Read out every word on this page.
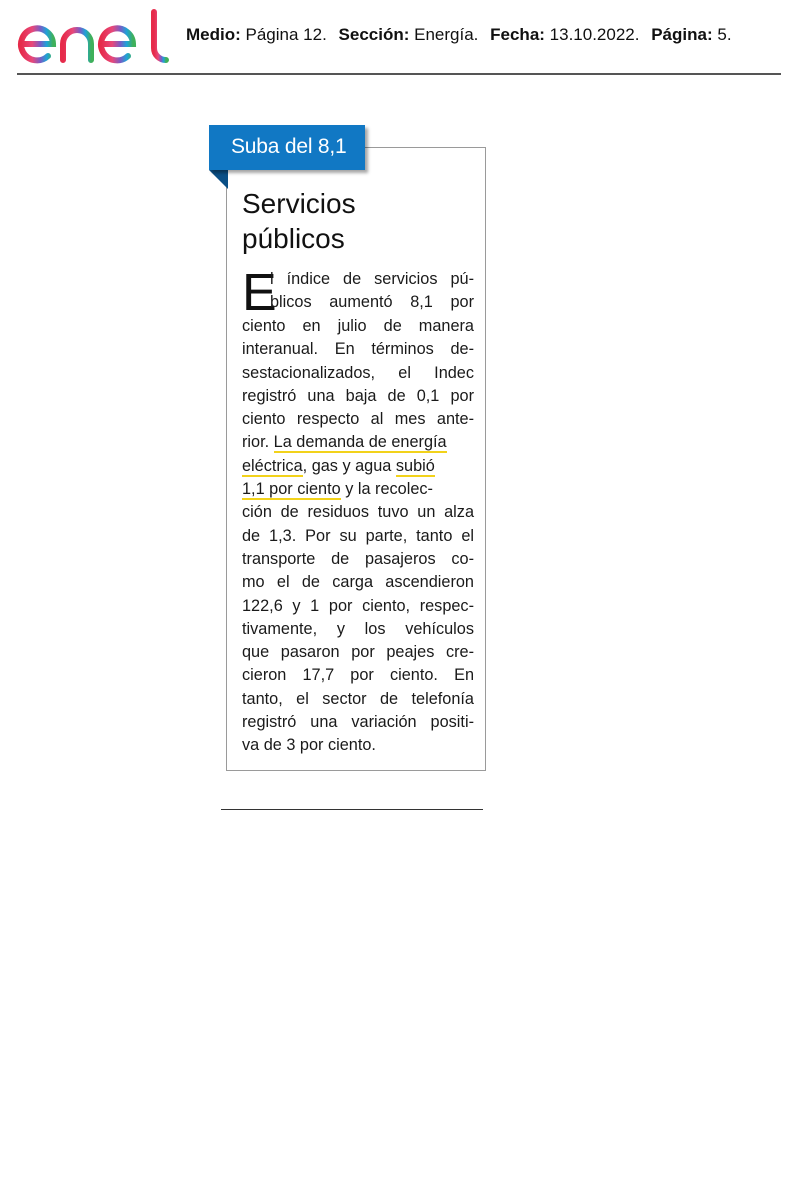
Medio: Página 12. Sección: Energía. Fecha: 13.10.2022. Página: 5.
Suba del 8,1
Servicios
públicos
E
l índice de servicios pú-
blicos aumentó 8,1 por
ciento en julio de manera
interanual. En términos de-
sestacionalizados, el Indec
registró una baja de 0,1 por
ciento respecto al mes ante-
rior. La demanda de energía
eléctrica, gas y agua subió
1,1 por ciento y la recolec-
ción de residuos tuvo un alza
de 1,3. Por su parte, tanto el
transporte de pasajeros co-
mo el de carga ascendieron
122,6 y 1 por ciento, respec-
tivamente, y los vehículos
que pasaron por peajes cre-
cieron 17,7 por ciento. En
tanto, el sector de telefonía
registró una variación positi-
va de 3 por ciento.
